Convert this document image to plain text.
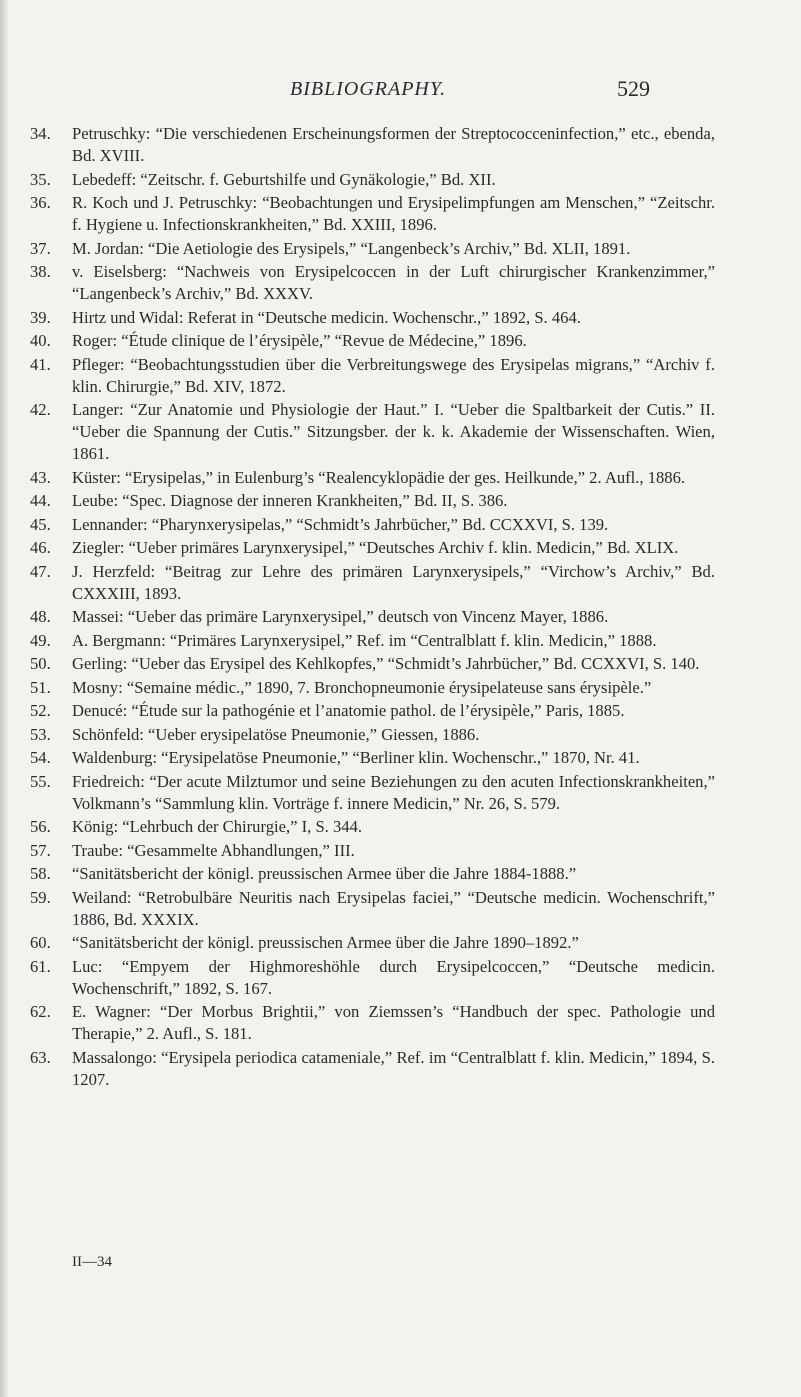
BIBLIOGRAPHY.	529
34.	Petruschky: “Die verschiedenen Erscheinungsformen der Streptococceninfection,” etc., ebenda, Bd. XVIII.
35.	Lebedeff: “Zeitschr. f. Geburtshilfe und Gynäkologie,” Bd. XII.
36.	R. Koch und J. Petruschky: “Beobachtungen und Erysipelimpfungen am Menschen,” “Zeitschr. f. Hygiene u. Infectionskrankheiten,” Bd. XXIII, 1896.
37.	M. Jordan: “Die Aetiologie des Erysipels,” “Langenbeck’s Archiv,” Bd. XLII, 1891.
38.	v. Eiselsberg: “Nachweis von Erysipelcoccen in der Luft chirurgischer Krankenzimmer,” “Langenbeck’s Archiv,” Bd. XXXV.
39.	Hirtz und Widal: Referat in “Deutsche medicin. Wochenschr.,” 1892, S. 464.
40.	Roger: “Étude clinique de l’érysipèle,” “Revue de Médecine,” 1896.
41.	Pfleger: “Beobachtungsstudien über die Verbreitungswege des Erysipelas migrans,” “Archiv f. klin. Chirurgie,” Bd. XIV, 1872.
42.	Langer: “Zur Anatomie und Physiologie der Haut.” I. “Ueber die Spaltbarkeit der Cutis.” II. “Ueber die Spannung der Cutis.” Sitzungsber. der k. k. Akademie der Wissenschaften. Wien, 1861.
43.	Küster: “Erysipelas,” in Eulenburg’s “Realencyklopädie der ges. Heilkunde,” 2. Aufl., 1886.
44.	Leube: “Spec. Diagnose der inneren Krankheiten,” Bd. II, S. 386.
45.	Lennander: “Pharynxerysipelas,” “Schmidt’s Jahrbücher,” Bd. CCXXVI, S. 139.
46.	Ziegler: “Ueber primäres Larynxerysipel,” “Deutsches Archiv f. klin. Medicin,” Bd. XLIX.
47.	J. Herzfeld: “Beitrag zur Lehre des primären Larynxerysipels,” “Virchow’s Archiv,” Bd. CXXXIII, 1893.
48.	Massei: “Ueber das primäre Larynxerysipel,” deutsch von Vincenz Mayer, 1886.
49.	A. Bergmann: “Primäres Larynxerysipel,” Ref. im “Centralblatt f. klin. Medicin,” 1888.
50.	Gerling: “Ueber das Erysipel des Kehlkopfes,” “Schmidt’s Jahrbücher,” Bd. CCXXVI, S. 140.
51.	Mosny: “Semaine médic.,” 1890, 7. Bronchopneumonie érysipelateuse sans érysipèle.”
52.	Denucé: “Étude sur la pathogénie et l’anatomie pathol. de l’érysipèle,” Paris, 1885.
53.	Schönfeld: “Ueber erysipelatöse Pneumonie,” Giessen, 1886.
54.	Waldenburg: “Erysipelatöse Pneumonie,” “Berliner klin. Wochenschr.,” 1870, Nr. 41.
55.	Friedreich: “Der acute Milztumor und seine Beziehungen zu den acuten Infectionskrankheiten,” Volkmann’s “Sammlung klin. Vorträge f. innere Medicin,” Nr. 26, S. 579.
56.	König: “Lehrbuch der Chirurgie,” I, S. 344.
57.	Traube: “Gesammelte Abhandlungen,” III.
58.	“Sanitätsbericht der königl. preussischen Armee über die Jahre 1884-1888.”
59.	Weiland: “Retrobulbäre Neuritis nach Erysipelas faciei,” “Deutsche medicin. Wochenschrift,” 1886, Bd. XXXIX.
60.	“Sanitätsbericht der königl. preussischen Armee über die Jahre 1890–1892.”
61.	Luc: “Empyem der Highmoreshöhle durch Erysipelcoccen,” “Deutsche medicin. Wochenschrift,” 1892, S. 167.
62.	E. Wagner: “Der Morbus Brightii,” von Ziemssen’s “Handbuch der spec. Pathologie und Therapie,” 2. Aufl., S. 181.
63.	Massalongo: “Erysipela periodica catameniale,” Ref. im “Centralblatt f. klin. Medicin,” 1894, S. 1207.
II—34
